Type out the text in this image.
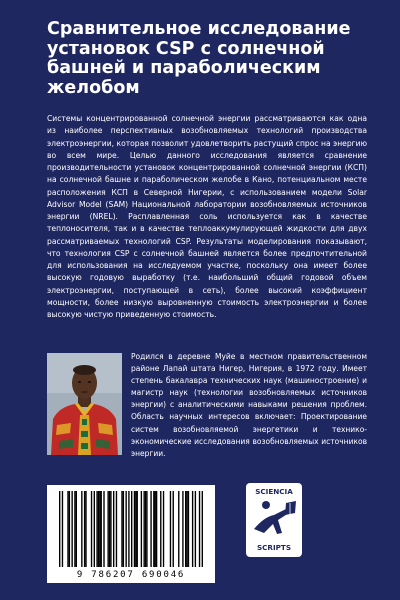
Сравнительное исследование установок CSP с солнечной башней и параболическим желобом

Системы концентрированной солнечной энергии рассматриваются как одна из наиболее перспективных возобновляемых технологий производства электроэнергии, которая позволит удовлетворить растущий спрос на энергию во всем мире. Целью данного исследования является сравнение производительности установок концентрированной солнечной энергии (КСП) на солнечной башне и параболическом желобе в Кано, потенциальном месте расположения КСП в Северной Нигерии, с использованием модели Solar Advisor Model (SAM) Национальной лаборатории возобновляемых источников энергии (NREL). Расплавленная соль используется как в качестве теплоносителя, так и в качестве теплоаккумулирующей жидкости для двух рассматриваемых технологий CSP. Результаты моделирования показывают, что технология CSP с солнечной башней является более предпочтительной для использования на исследуемом участке, поскольку она имеет более высокую годовую выработку (т.е. наибольший общий годовой объем электроэнергии, поступающей в сеть), более высокий коэффициент мощности, более низкую выровненную стоимость электроэнергии и более высокую чистую приведенную стоимость.

Родился в деревне Муйе в местном правительственном районе Лапай штата Нигер, Нигерия, в 1972 году. Имеет степень бакалавра технических наук (машиностроение) и магистр наук (технологии возобновляемых источников энергии) с аналитическими навыками решения проблем. Область научных интересов включает: Проектирование систем возобновляемой энергетики и технико-экономические исследования возобновляемых источников энергии.

9 786207 690046
SCIENCIA
SCRIPTS
